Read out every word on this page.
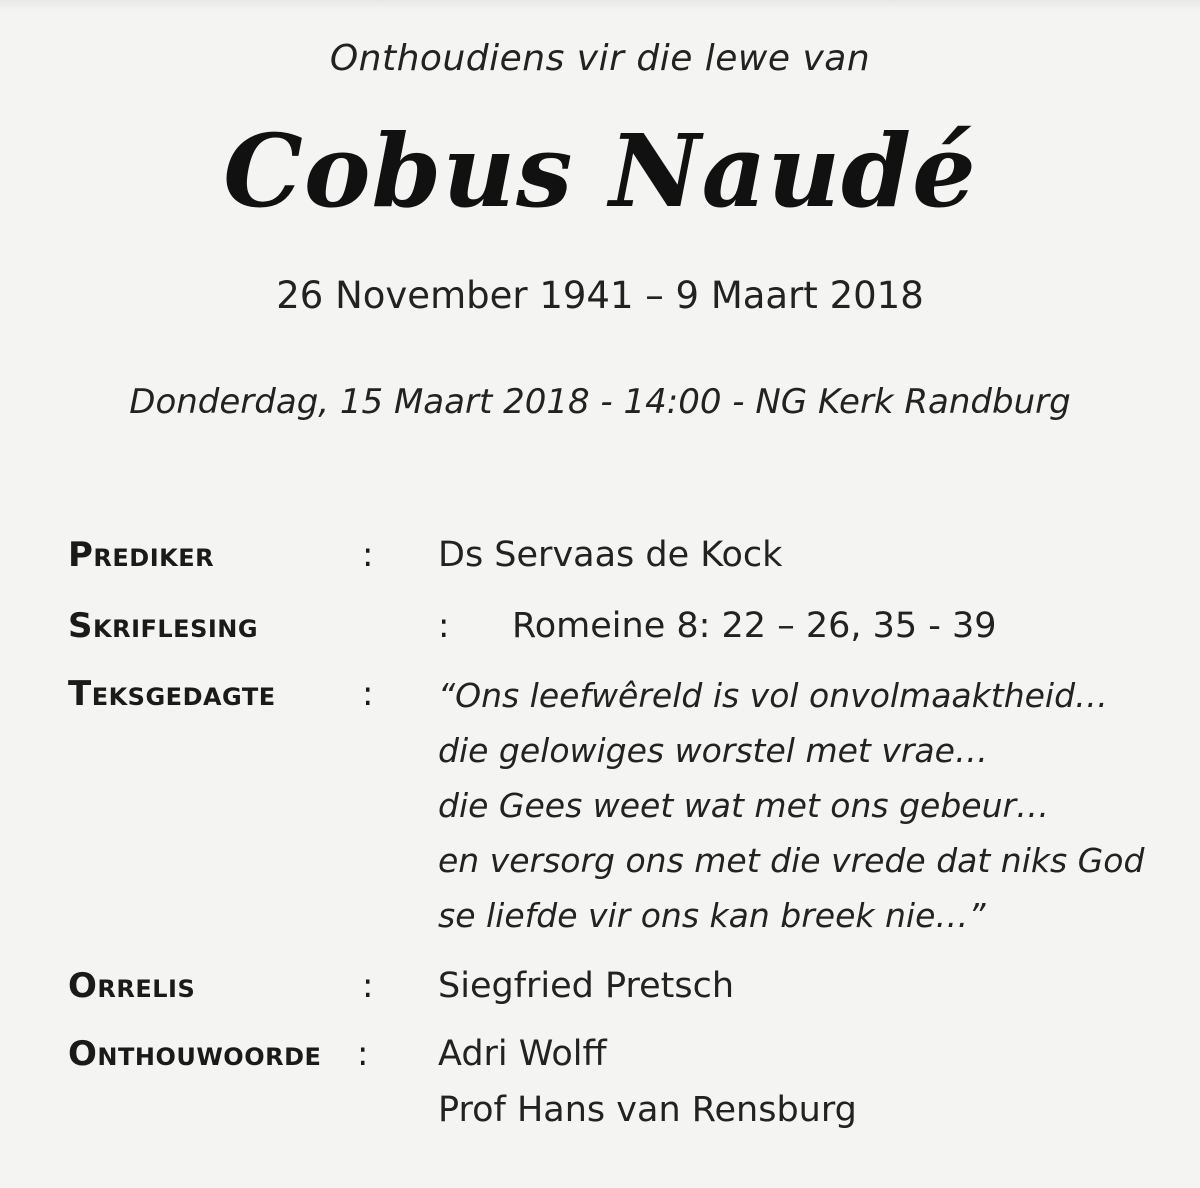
Onthoudiens vir die lewe van
Cobus Naudé
26 November 1941 – 9 Maart 2018
Donderdag, 15 Maart 2018 - 14:00 - NG Kerk Randburg
Prediker	: Ds Servaas de Kock
Skriflesing	: Romeine 8: 22 – 26, 35 - 39
Teksgedagte	: “Ons leefwêreld is vol onvolmaaktheid…
die gelowiges worstel met vrae…
die Gees weet wat met ons gebeur…
en versorg ons met die vrede dat niks God
se liefde vir ons kan breek nie…”
Orrelis	: Siegfried Pretsch
Onthouwoorde : Adri Wolff
Prof Hans van Rensburg
